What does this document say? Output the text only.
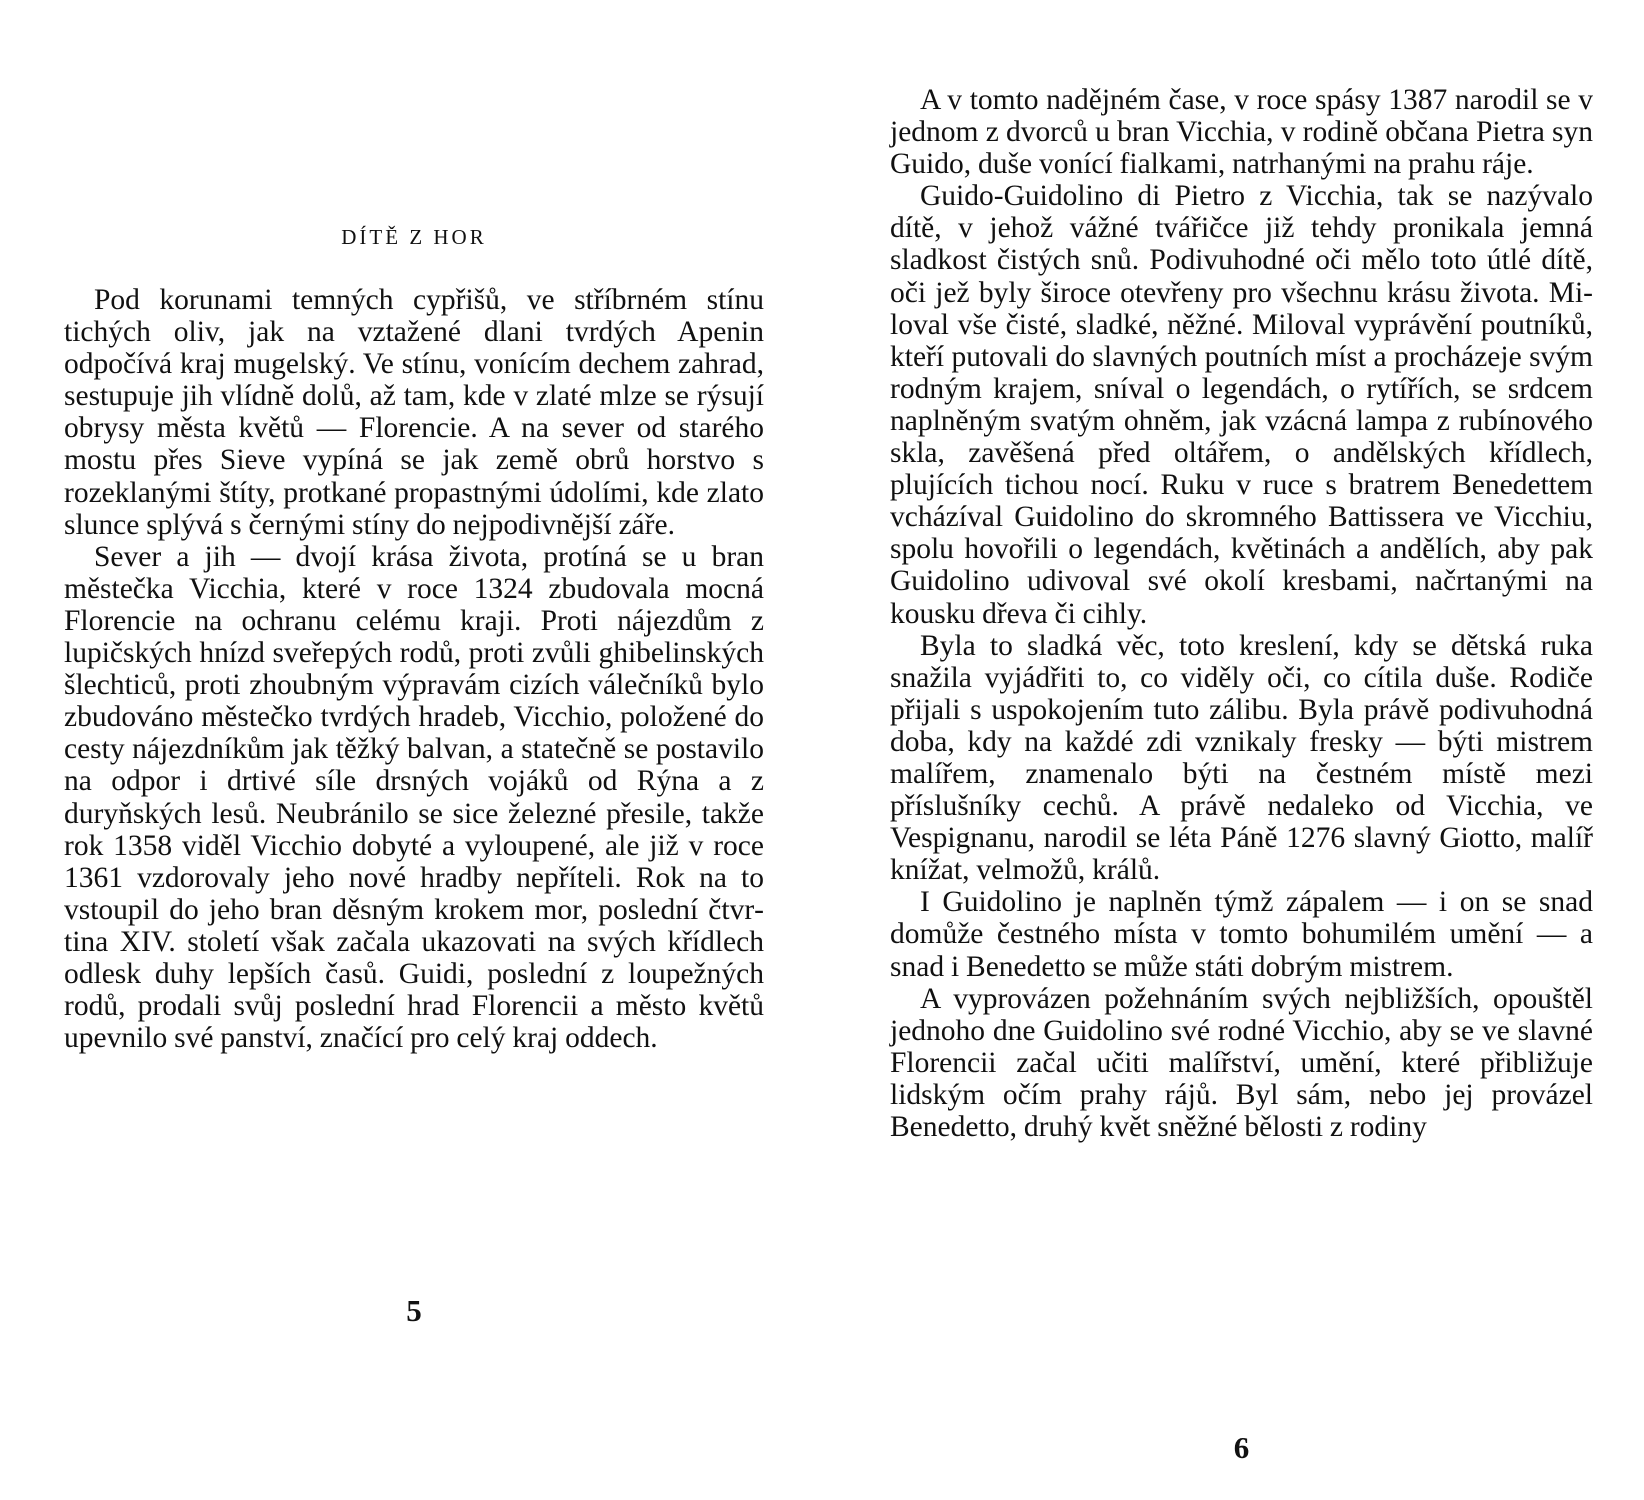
DÍTĚ Z HOR

Pod korunami temných cypřišů, ve stříbrném stínu tichých oliv, jak na vztažené dlani tvrdých Apenin odpočívá kraj mugelský. Ve stínu, vonícím dechem zahrad, sestupuje jih vlídně dolů, až tam, kde v zlaté mlze se rýsují obrysy města květů — Florencie. A na sever od starého mostu přes Sieve vypíná se jak země obrů horstvo s rozeklanými štíty, protkané propastnými údolími, kde zlato slunce splývá s černými stíny do nejpodivnější záře.

Sever a jih — dvojí krása života, protíná se u bran městečka Vicchia, které v roce 1324 zbudovala mocná Florencie na ochranu celému kraji. Proti nájezdům z lupičských hnízd sveřepých rodů, proti zvůli ghibelinských šlechticů, proti zhoubným výpravám cizích válečníků bylo zbudováno městečko tvrdých hradeb, Vicchio, položené do cesty nájezdníkům jak těžký balvan, a statečně se postavilo na odpor i drtivé síle drsných vojáků od Rýna a z duryňských lesů. Neubránilo se sice železné přesile, takže rok 1358 viděl Vicchio dobyté a vyloupené, ale již v roce 1361 vzdorovaly jeho nové hradby nepříteli. Rok na to vstoupil do jeho bran děsným krokem mor, poslední čtvrtina XIV. století však začala ukazovati na svých křídlech odlesk duhy lepších časů. Guidi, poslední z loupežných rodů, prodali svůj poslední hrad Florencii a město květů upevnilo své panství, značící pro celý kraj oddech.

5

A v tomto nadějném čase, v roce spásy 1387 narodil se v jednom z dvorců u bran Vicchia, v rodině občana Pietra syn Guido, duše vonící fialkami, natrhanými na prahu ráje.

Guido-Guidolino di Pietro z Vicchia, tak se nazývalo dítě, v jehož vážné tvářičce již tehdy pronikala jemná sladkost čistých snů. Podivuhodné oči mělo toto útlé dítě, oči jež byly široce otevřeny pro všechnu krásu života. Miloval vše čisté, sladké, něžné. Miloval vyprávění poutníků, kteří putovali do slavných poutních míst a procházeje svým rodným krajem, sníval o legendách, o rytířích, se srdcem naplněným svatým ohněm, jak vzácná lampa z rubínového skla, zavěšená před oltářem, o andělských křídlech, plujících tichou nocí. Ruku v ruce s bratrem Benedettem vcházíval Guidolino do skromného Battissera ve Vicchiu, spolu hovořili o legendách, květinách a andělích, aby pak Guidolino udivoval své okolí kresbami, načrtanými na kousku dřeva či cihly.

Byla to sladká věc, toto kreslení, kdy se dětská ruka snažila vyjádřiti to, co viděly oči, co cítila duše. Rodiče přijali s uspokojením tuto zálibu. Byla právě podivuhodná doba, kdy na každé zdi vznikaly fresky — býti mistrem malířem, znamenalo býti na čestném místě mezi příslušníky cechů. A právě nedaleko od Vicchia, ve Vespignanu, narodil se léta Páně 1276 slavný Giotto, malíř knížat, velmožů, králů.

I Guidolino je naplněn týmž zápalem — i on se snad domůže čestného místa v tomto bohumilém umění — a snad i Benedetto se může státi dobrým mistrem.

A vyprovázen požehnáním svých nejbližších, opouštěl jednoho dne Guidolino své rodné Vicchio, aby se ve slavné Florencii začal učiti malířství, umění, které přibližuje lidským očím prahy rájů. Byl sám, nebo jej provázel Benedetto, druhý květ sněžné bělosti z rodiny

6
